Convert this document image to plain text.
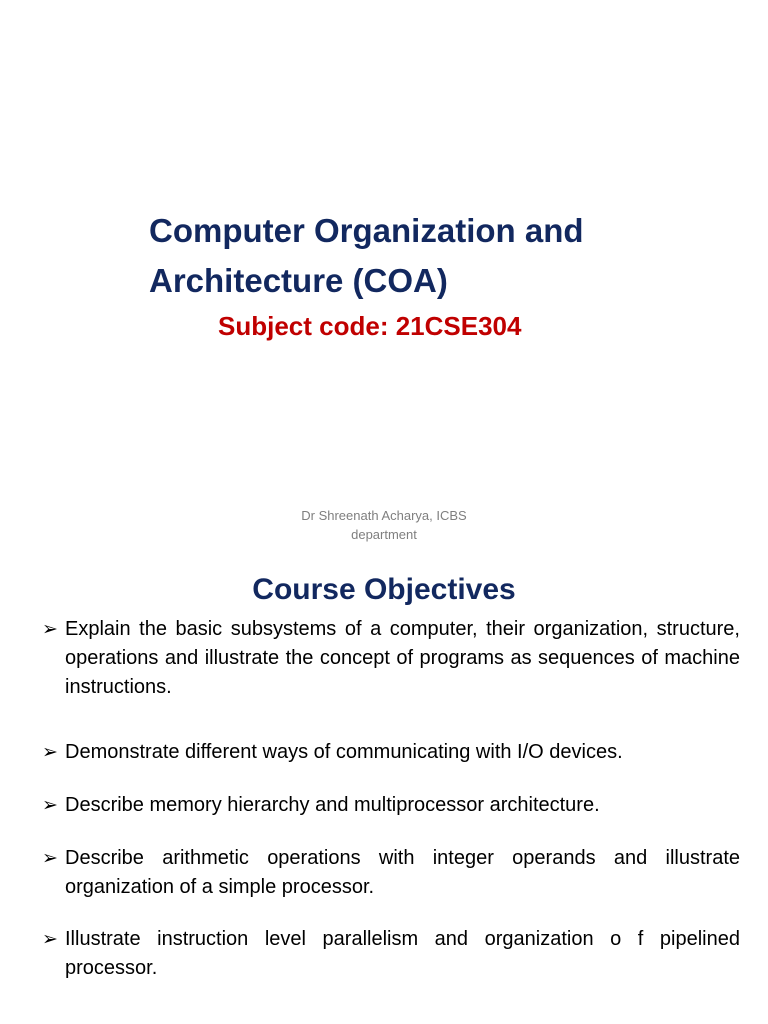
Computer Organization and Architecture (COA)

Subject code: 21CSE304

Dr Shreenath Acharya, ICBS
department

Course Objectives
➢ Explain the basic subsystems of a computer, their organization, structure, operations and illustrate the concept of programs as sequences of machine instructions.
➢ Demonstrate different ways of communicating with I/O devices.
➢ Describe memory hierarchy and multiprocessor architecture.
➢ Describe arithmetic operations with integer operands and illustrate organization of a simple processor.
➢ Illustrate instruction level parallelism and organization o f pipelined processor.
